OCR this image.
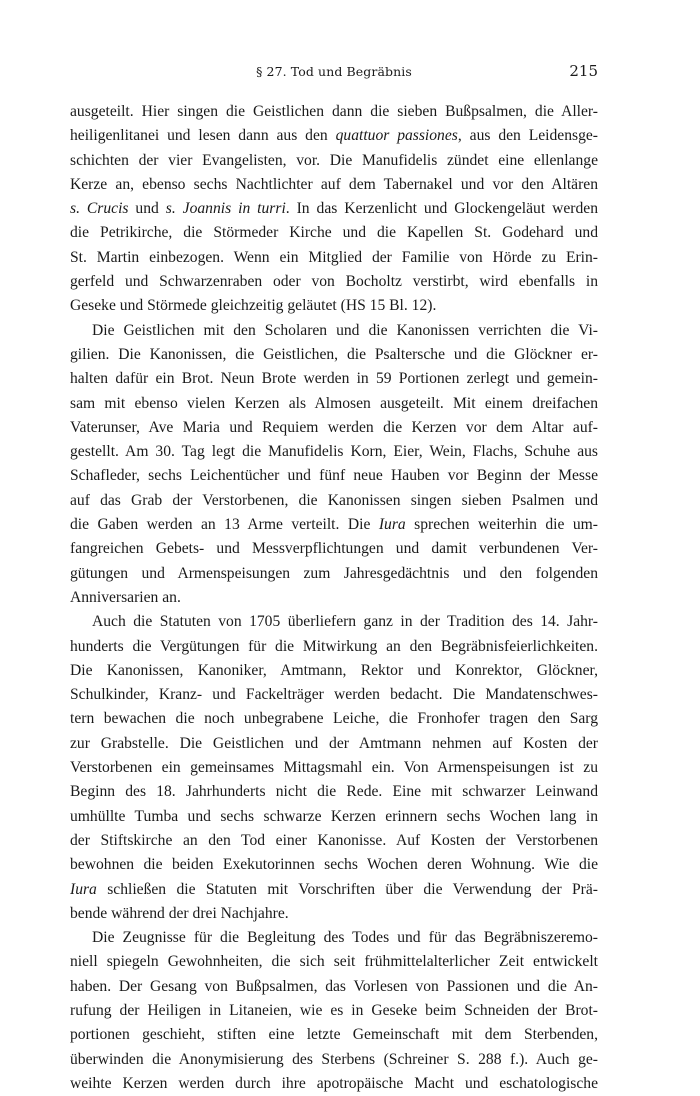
§ 27. Tod und Begräbnis	215

ausgeteilt. Hier singen die Geistlichen dann die sieben Bußpsalmen, die Aller-
heiligenlitanei und lesen dann aus den quattuor passiones, aus den Leidensge-
schichten der vier Evangelisten, vor. Die Manufidelis zündet eine ellenlange
Kerze an, ebenso sechs Nachtlichter auf dem Tabernakel und vor den Altären
s. Crucis und s. Joannis in turri. In das Kerzenlicht und Glockengeläut werden
die Petrikirche, die Störmeder Kirche und die Kapellen St. Godehard und
St. Martin einbezogen. Wenn ein Mitglied der Familie von Hörde zu Erin-
gerfeld und Schwarzenraben oder von Bocholtz verstirbt, wird ebenfalls in
Geseke und Störmede gleichzeitig geläutet (HS 15 Bl. 12).

Die Geistlichen mit den Scholaren und die Kanonissen verrichten die Vi-
gilien. Die Kanonissen, die Geistlichen, die Psaltersche und die Glöckner er-
halten dafür ein Brot. Neun Brote werden in 59 Portionen zerlegt und gemein-
sam mit ebenso vielen Kerzen als Almosen ausgeteilt. Mit einem dreifachen
Vaterunser, Ave Maria und Requiem werden die Kerzen vor dem Altar auf-
gestellt. Am 30. Tag legt die Manufidelis Korn, Eier, Wein, Flachs, Schuhe aus
Schafleder, sechs Leichentücher und fünf neue Hauben vor Beginn der Messe
auf das Grab der Verstorbenen, die Kanonissen singen sieben Psalmen und
die Gaben werden an 13 Arme verteilt. Die Iura sprechen weiterhin die um-
fangreichen Gebets- und Messverpflichtungen und damit verbundenen Ver-
gütungen und Armenspeisungen zum Jahresgedächtnis und den folgenden
Anniversarien an.

Auch die Statuten von 1705 überliefern ganz in der Tradition des 14. Jahr-
hunderts die Vergütungen für die Mitwirkung an den Begräbnisfeierlichkeiten.
Die Kanonissen, Kanoniker, Amtmann, Rektor und Konrektor, Glöckner,
Schulkinder, Kranz- und Fackelträger werden bedacht. Die Mandatenschwes-
tern bewachen die noch unbegrabene Leiche, die Fronhofer tragen den Sarg
zur Grabstelle. Die Geistlichen und der Amtmann nehmen auf Kosten der
Verstorbenen ein gemeinsames Mittagsmahl ein. Von Armenspeisungen ist zu
Beginn des 18. Jahrhunderts nicht die Rede. Eine mit schwarzer Leinwand
umhüllte Tumba und sechs schwarze Kerzen erinnern sechs Wochen lang in
der Stiftskirche an den Tod einer Kanonisse. Auf Kosten der Verstorbenen
bewohnen die beiden Exekutorinnen sechs Wochen deren Wohnung. Wie die
Iura schließen die Statuten mit Vorschriften über die Verwendung der Prä-
bende während der drei Nachjahre.

Die Zeugnisse für die Begleitung des Todes und für das Begräbniszeremo-
niell spiegeln Gewohnheiten, die sich seit frühmittelalterlicher Zeit entwickelt
haben. Der Gesang von Bußpsalmen, das Vorlesen von Passionen und die An-
rufung der Heiligen in Litaneien, wie es in Geseke beim Schneiden der Brot-
portionen geschieht, stiften eine letzte Gemeinschaft mit dem Sterbenden,
überwinden die Anonymisierung des Sterbens (Schreiner S. 288 f.). Auch ge-
weihte Kerzen werden durch ihre apotropäische Macht und eschatologische
